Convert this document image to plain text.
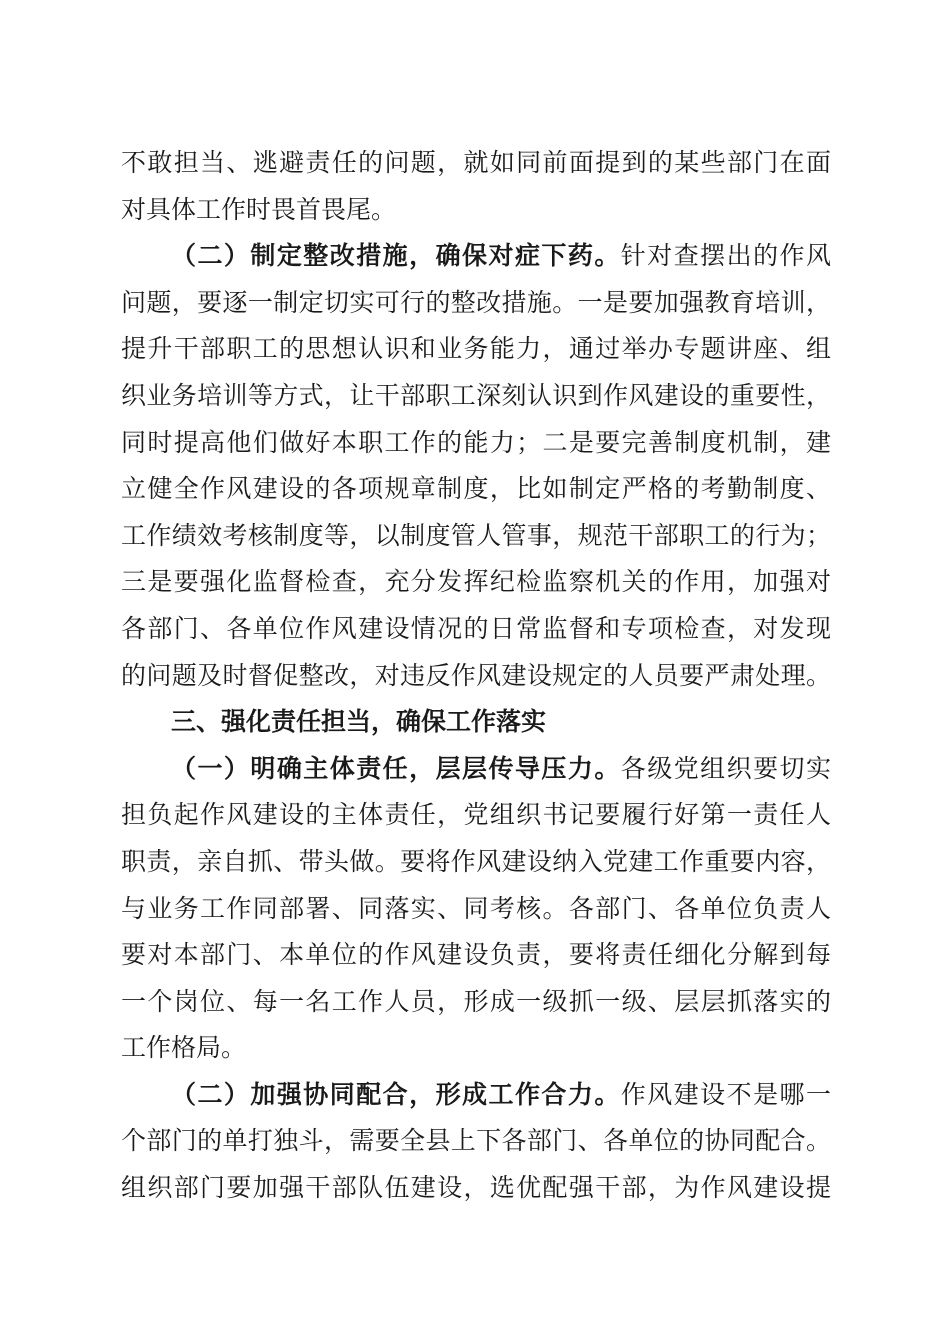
不敢担当、逃避责任的问题，就如同前面提到的某些部门在面
对具体工作时畏首畏尾。
（二）制定整改措施，确保对症下药。针对查摆出的作风
问题，要逐一制定切实可行的整改措施。一是要加强教育培训，
提升干部职工的思想认识和业务能力，通过举办专题讲座、组
织业务培训等方式，让干部职工深刻认识到作风建设的重要性，
同时提高他们做好本职工作的能力；二是要完善制度机制，建
立健全作风建设的各项规章制度，比如制定严格的考勤制度、
工作绩效考核制度等，以制度管人管事，规范干部职工的行为；
三是要强化监督检查，充分发挥纪检监察机关的作用，加强对
各部门、各单位作风建设情况的日常监督和专项检查，对发现
的问题及时督促整改，对违反作风建设规定的人员要严肃处理。
三、强化责任担当，确保工作落实
（一）明确主体责任，层层传导压力。各级党组织要切实
担负起作风建设的主体责任，党组织书记要履行好第一责任人
职责，亲自抓、带头做。要将作风建设纳入党建工作重要内容，
与业务工作同部署、同落实、同考核。各部门、各单位负责人
要对本部门、本单位的作风建设负责，要将责任细化分解到每
一个岗位、每一名工作人员，形成一级抓一级、层层抓落实的
工作格局。
（二）加强协同配合，形成工作合力。作风建设不是哪一
个部门的单打独斗，需要全县上下各部门、各单位的协同配合。
组织部门要加强干部队伍建设，选优配强干部，为作风建设提
